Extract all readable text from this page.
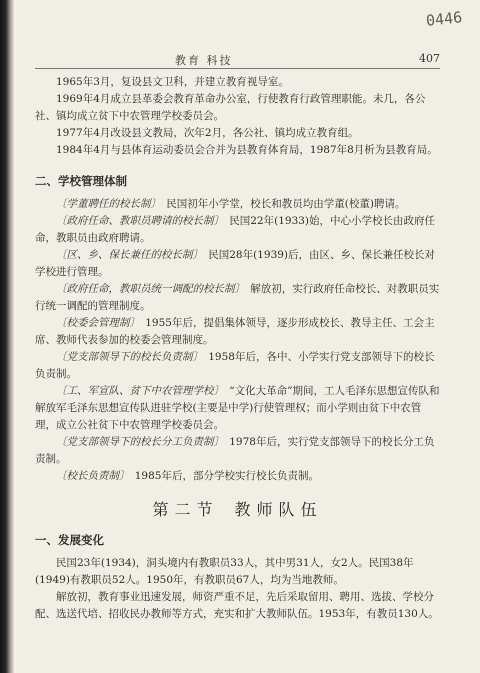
0446
教育 科技	407

1965年3月，复设县文卫科，并建立教育视导室。

1969年4月成立县革委会教育革命办公室，行使教育行政管理职能。未几，各公社、镇均成立贫下中农管理学校委员会。

1977年4月改设县文教局，次年2月，各公社、镇均成立教育组。

1984年4月与县体育运动委员会合并为县教育体育局，1987年8月析为县教育局。

二、学校管理体制

〔学董聘任的校长制〕　 民国初年小学堂，校长和教员均由学董(校董)聘请。

〔政府任命、教职员聘请的校长制〕　 民国22年(1933)始，中心小学校长由政府任命，教职员由政府聘请。

〔区、乡、保长兼任的校长制〕　 民国28年(1939)后，由区、乡、保长兼任校长对学校进行管理。

〔政府任命，教职员统一调配的校长制〕　 解放初，实行政府任命校长、对教职员实行统一调配的管理制度。

〔校委会管理制〕　 1955年后，提倡集体领导，逐步形成校长、教导主任、工会主席、教师代表参加的校委会管理制度。

〔党支部领导下的校长负责制〕　 1958年后，各中、小学实行党支部领导下的校长负责制。

〔工、军宣队、贫下中农管理学校〕　 “文化大革命”期间，工人毛泽东思想宣传队和解放军毛泽东思想宣传队进驻学校(主要是中学)行使管理权；而小学则由贫下中农管理，成立公社贫下中农管理学校委员会。

〔党支部领导下的校长分工负责制〕　 1978年后，实行党支部领导下的校长分工负责制。

〔校长负责制〕　 1985年后，部分学校实行校长负责制。

第二节 教师队伍
一、发展变化

民国23年(1934)，洞头境内有教职员33人，其中男31人，女2人。民国38年(1949)有教职员52人。1950年，有教职员67人，均为当地教师。

解放初，教育事业迅速发展，师资严重不足，先后采取留用、聘用、选拔、学校分配、选送代培、招收民办教师等方式，充实和扩大教师队伍。1953年，有教员130人。
